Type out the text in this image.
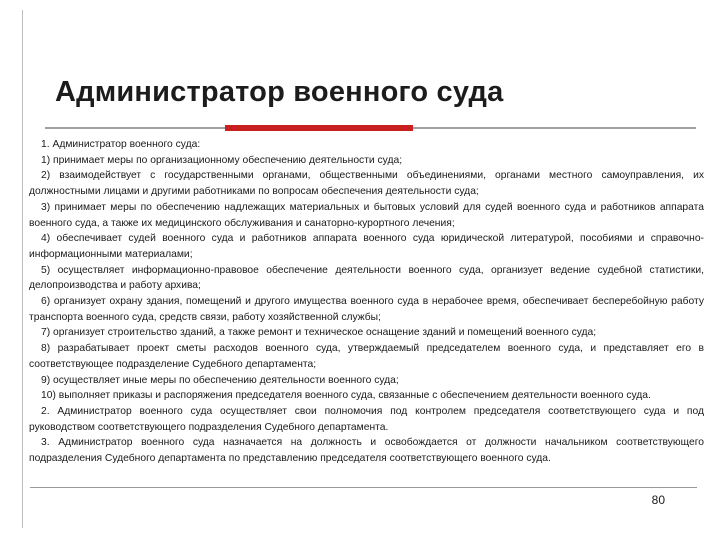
Администратор военного суда

1. Администратор военного суда:

1) принимает меры по организационному обеспечению деятельности суда;

2) взаимодействует с государственными органами, общественными объединениями, органами местного самоуправления, их должностными лицами и другими работниками по вопросам обеспечения деятельности суда;

3) принимает меры по обеспечению надлежащих материальных и бытовых условий для судей военного суда и работников аппарата военного суда, а также их медицинского обслуживания и санаторно-курортного лечения;

4) обеспечивает судей военного суда и работников аппарата военного суда юридической литературой, пособиями и справочно-информационными материалами;

5) осуществляет информационно-правовое обеспечение деятельности военного суда, организует ведение судебной статистики, делопроизводства и работу архива;

6) организует охрану здания, помещений и другого имущества военного суда в нерабочее время, обеспечивает бесперебойную работу транспорта военного суда, средств связи, работу хозяйственной службы;

7) организует строительство зданий, а также ремонт и техническое оснащение зданий и помещений военного суда;

8) разрабатывает проект сметы расходов военного суда, утверждаемый председателем военного суда, и представляет его в соответствующее подразделение Судебного департамента;

9) осуществляет иные меры по обеспечению деятельности военного суда;

10) выполняет приказы и распоряжения председателя военного суда, связанные с обеспечением деятельности военного суда.

2. Администратор военного суда осуществляет свои полномочия под контролем председателя соответствующего суда и под руководством соответствующего подразделения Судебного департамента.

3. Администратор военного суда назначается на должность и освобождается от должности начальником соответствующего подразделения Судебного департамента по представлению председателя соответствующего военного суда.

80
